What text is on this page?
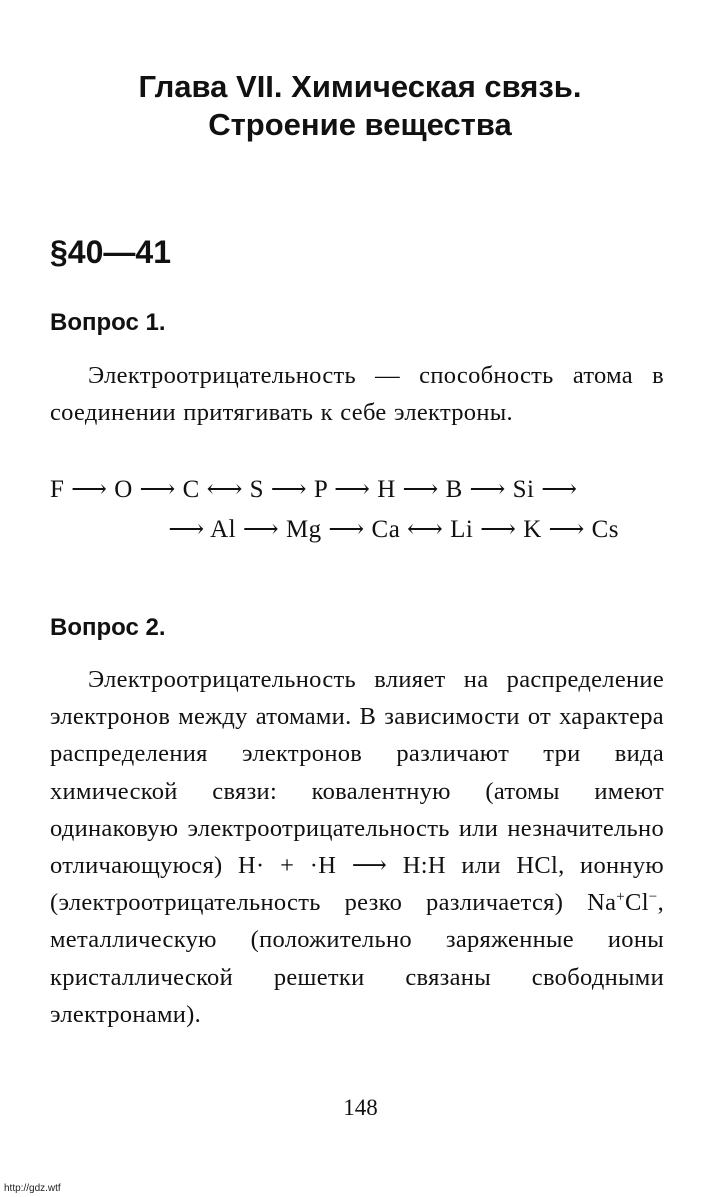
Глава VII. Химическая связь.
Строение вещества
§40—41
Вопрос 1.

Электроотрицательность — способность атома в соединении притягивать к себе электроны.

F ⟶ O ⟶ C ⟷ S ⟶ P ⟶ H ⟶ B ⟶ Si ⟶
⟶ Al ⟶ Mg ⟶ Ca ⟷ Li ⟶ K ⟶ Cs
Вопрос 2.

Электроотрицательность влияет на распределение электронов между атомами. В зависимости от характера распределения электронов различают три вида химической связи: ковалентную (атомы имеют одинаковую электроотрицательность или незначительно отличающуюся) H· + ·H ⟶ H:H или HCl, ионную (электроотрицательность резко различается) Na+Cl−, металлическую (положительно заряженные ионы кристаллической решетки связаны свободными электронами).

148
http://gdz.wtf
